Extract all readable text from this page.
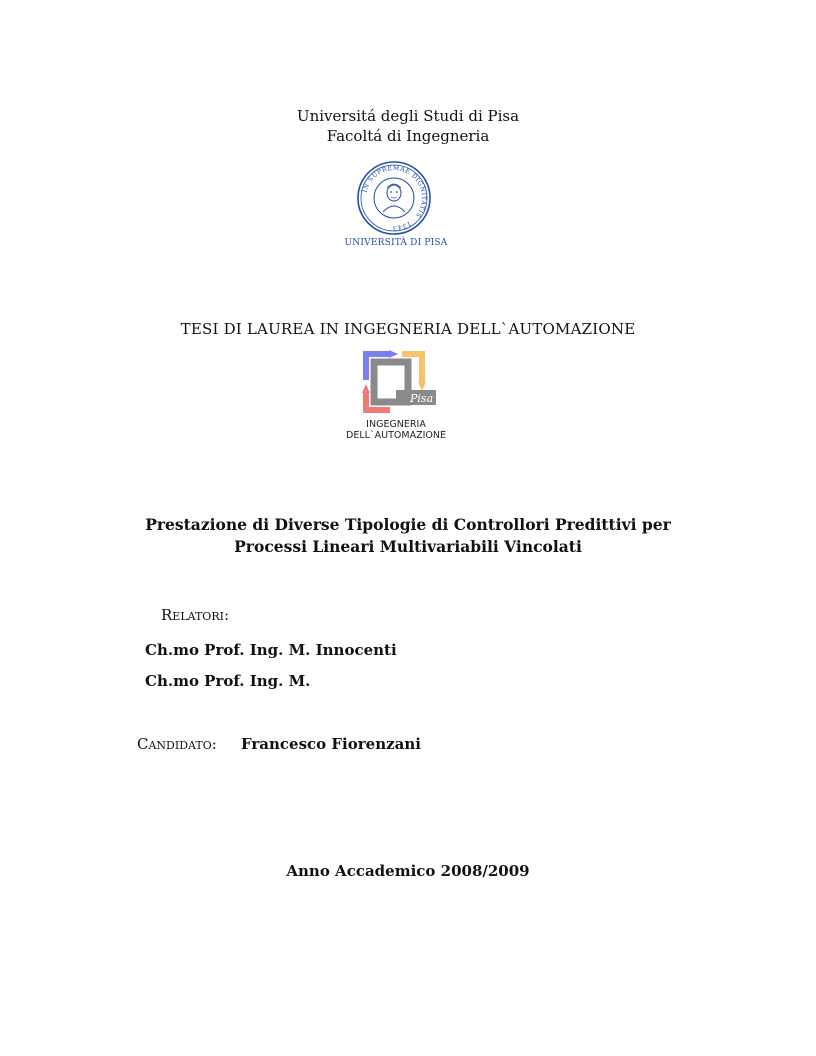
Universitá degli Studi di Pisa
Facoltá di Ingegneria
IN SUPREMAE DIGNITATIS · 1343
UNIVERSITÀ DI PISA
TESI DI LAUREA IN INGEGNERIA DELL`AUTOMAZIONE
Pisa
INGEGNERIA
DELL`AUTOMAZIONE
Prestazione di Diverse Tipologie di Controllori Predittivi per
Processi Lineari Multivariabili Vincolati
Relatori:
Ch.mo Prof. Ing. M. Innocenti
Ch.mo Prof. Ing. M.
Candidato: Francesco Fiorenzani
Anno Accademico 2008/2009
